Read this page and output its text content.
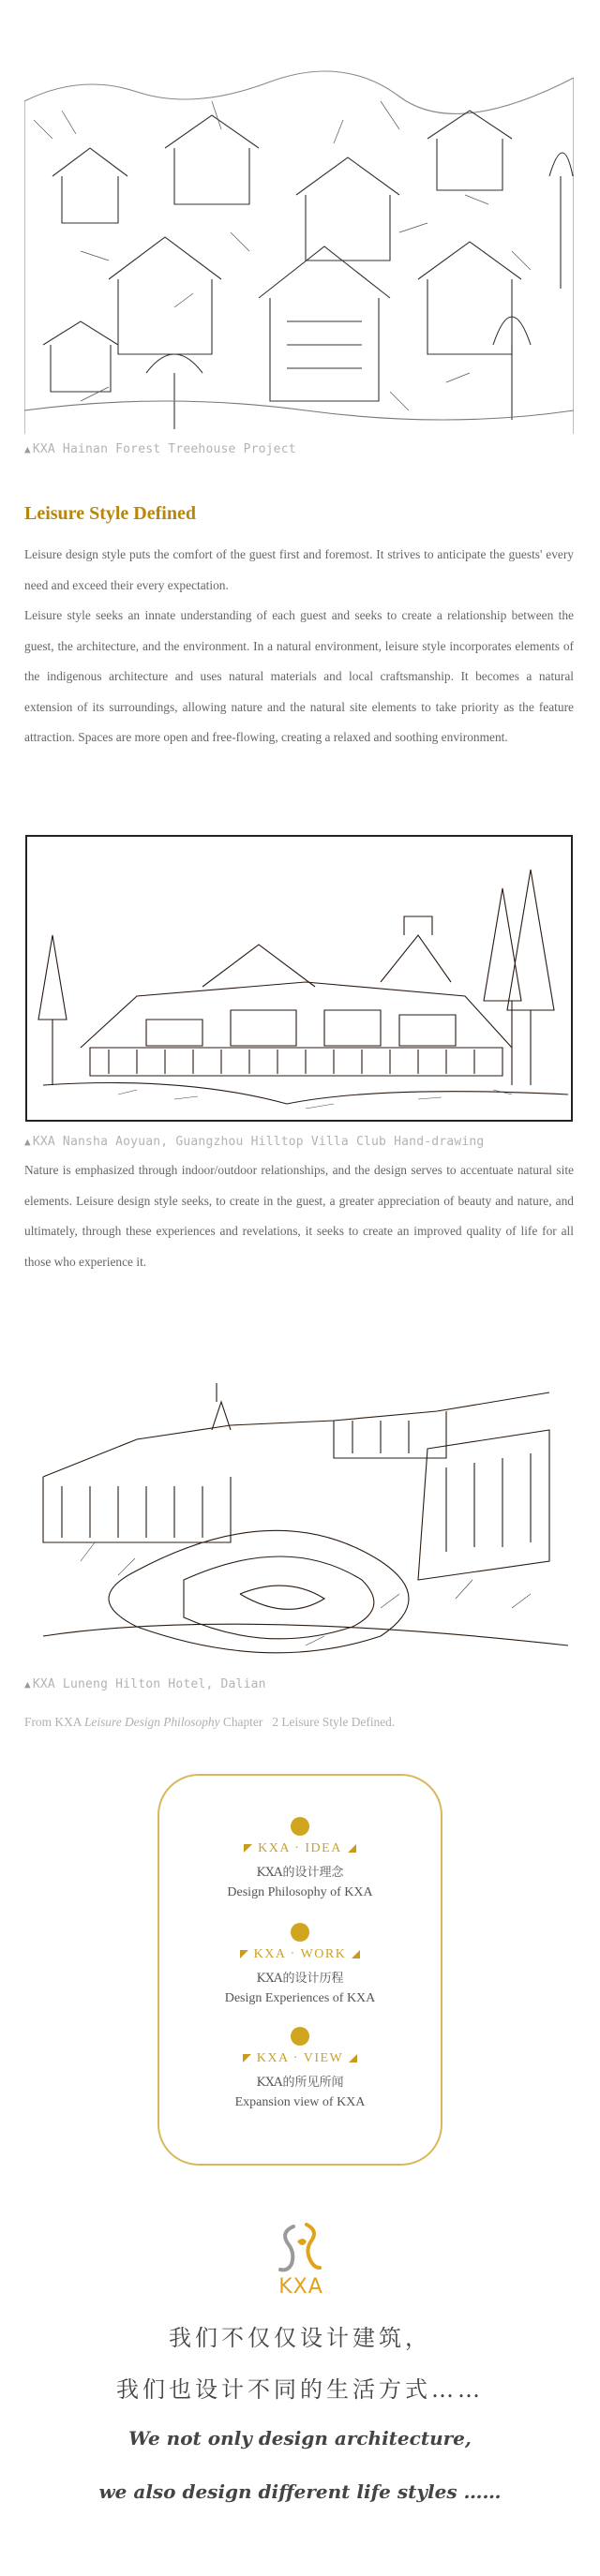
▲ KXA Hainan Forest Treehouse Project
Leisure Style Defined

Leisure design style puts the comfort of the guest first and foremost. It strives to anticipate the guests' every need and exceed their every expectation.

Leisure style seeks an innate understanding of each guest and seeks to create a relationship between the guest, the architecture, and the environment. In a natural environment, leisure style incorporates elements of the indigenous architecture and uses natural materials and local craftsmanship. It becomes a natural extension of its surroundings, allowing nature and the natural site elements to take priority as the feature attraction. Spaces are more open and free-flowing, creating a relaxed and soothing environment.

▲ KXA Nansha Aoyuan, Guangzhou Hilltop Villa Club Hand-drawing

Nature is emphasized through indoor/outdoor relationships, and the design serves to accentuate natural site elements. Leisure design style seeks, to create in the guest, a greater appreciation of beauty and nature, and ultimately, through these experiences and revelations, it seeks to create an improved quality of life for all those who experience it.

▲ KXA Luneng Hilton Hotel, Dalian
From KXA Leisure Design Philosophy Chapter   2 Leisure Style Defined.
KXA · IDEA
KXA的设计理念
Design Philosophy of KXA
KXA · WORK
KXA的设计历程
Design Experiences of KXA
KXA · VIEW
KXA的所见所闻
Expansion view of KXA
KXA
我们不仅仅设计建筑，
我们也设计不同的生活方式……
We not only design architecture,
we also design different life styles ……
